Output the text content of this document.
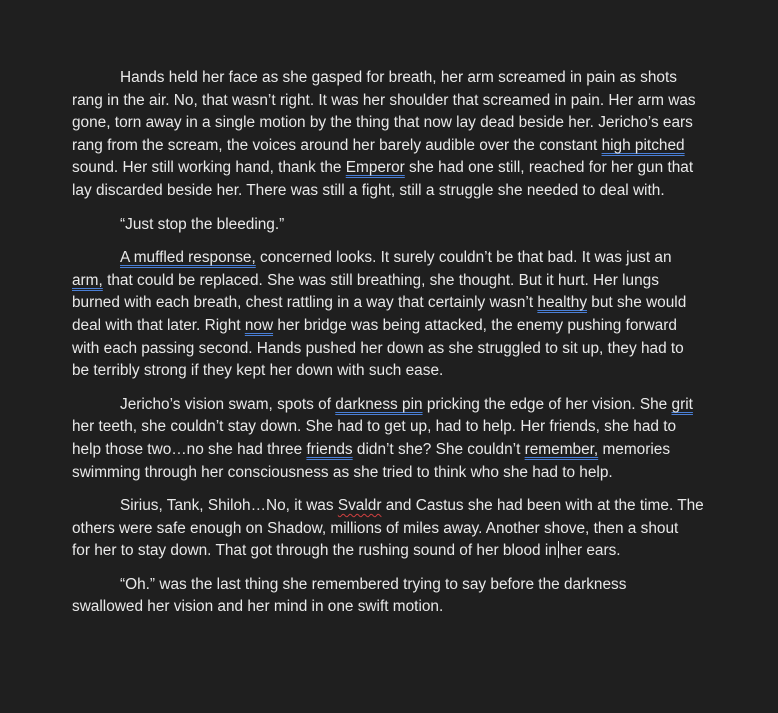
Hands held her face as she gasped for breath, her arm screamed in pain as shots
rang in the air. No, that wasn’t right. It was her shoulder that screamed in pain. Her arm was
gone, torn away in a single motion by the thing that now lay dead beside her. Jericho’s ears
rang from the scream, the voices around her barely audible over the constant high pitched
sound. Her still working hand, thank the Emperor she had one still, reached for her gun that
lay discarded beside her. There was still a fight, still a struggle she needed to deal with.
“Just stop the bleeding.”
A muffled response, concerned looks. It surely couldn’t be that bad. It was just an
arm, that could be replaced. She was still breathing, she thought. But it hurt. Her lungs
burned with each breath, chest rattling in a way that certainly wasn’t healthy but she would
deal with that later. Right now her bridge was being attacked, the enemy pushing forward
with each passing second. Hands pushed her down as she struggled to sit up, they had to
be terribly strong if they kept her down with such ease.
Jericho’s vision swam, spots of darkness pin pricking the edge of her vision. She grit
her teeth, she couldn’t stay down. She had to get up, had to help. Her friends, she had to
help those two…no she had three friends didn’t she? She couldn’t remember, memories
swimming through her consciousness as she tried to think who she had to help.
Sirius, Tank, Shiloh…No, it was Svaldr and Castus she had been with at the time. The
others were safe enough on Shadow, millions of miles away. Another shove, then a shout
for her to stay down. That got through the rushing sound of her blood in her ears.
“Oh.” was the last thing she remembered trying to say before the darkness
swallowed her vision and her mind in one swift motion.
